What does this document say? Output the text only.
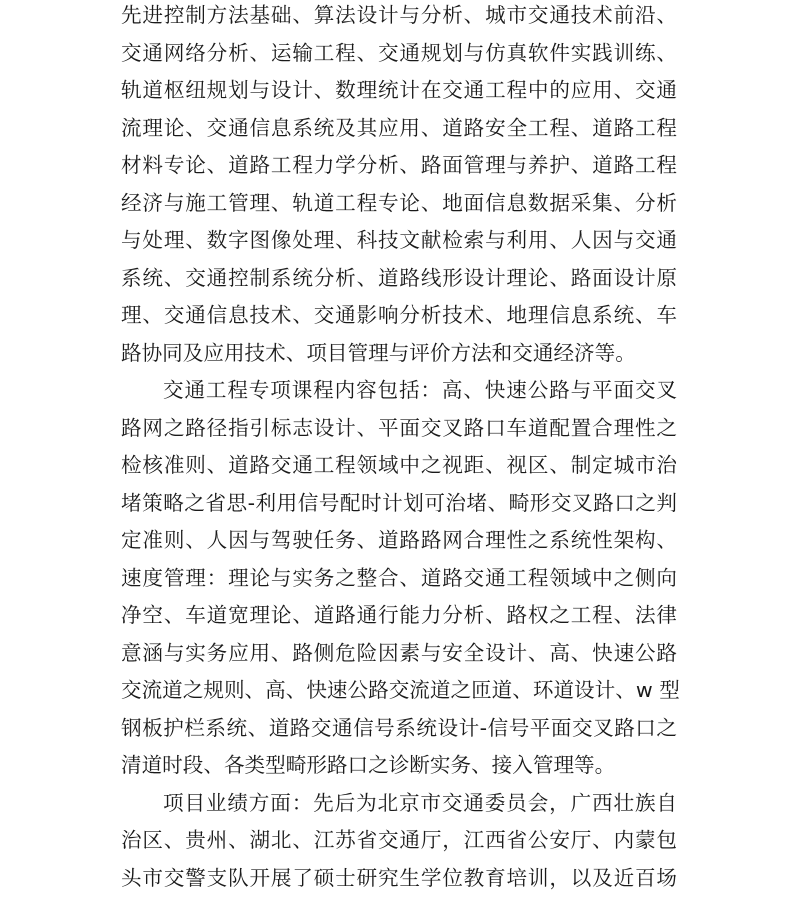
先进控制方法基础、算法设计与分析、城市交通技术前沿、
交通网络分析、运输工程、交通规划与仿真软件实践训练、
轨道枢纽规划与设计、数理统计在交通工程中的应用、交通
流理论、交通信息系统及其应用、道路安全工程、道路工程
材料专论、道路工程力学分析、路面管理与养护、道路工程
经济与施工管理、轨道工程专论、地面信息数据采集、分析
与处理、数字图像处理、科技文献检索与利用、人因与交通
系统、交通控制系统分析、道路线形设计理论、路面设计原
理、交通信息技术、交通影响分析技术、地理信息系统、车
路协同及应用技术、项目管理与评价方法和交通经济等。
交通工程专项课程内容包括：高、快速公路与平面交叉
路网之路径指引标志设计、平面交叉路口车道配置合理性之
检核准则、道路交通工程领域中之视距、视区、制定城市治
堵策略之省思-利用信号配时计划可治堵、畸形交叉路口之判
定准则、人因与驾驶任务、道路路网合理性之系统性架构、
速度管理：理论与实务之整合、道路交通工程领域中之侧向
净空、车道宽理论、道路通行能力分析、路权之工程、法律
意涵与实务应用、路侧危险因素与安全设计、高、快速公路
交流道之规则、高、快速公路交流道之匝道、环道设计、w 型
钢板护栏系统、道路交通信号系统设计-信号平面交叉路口之
清道时段、各类型畸形路口之诊断实务、接入管理等。
项目业绩方面：先后为北京市交通委员会，广西壮族自
治区、贵州、湖北、江苏省交通厅，江西省公安厅、内蒙包
头市交警支队开展了硕士研究生学位教育培训，以及近百场
